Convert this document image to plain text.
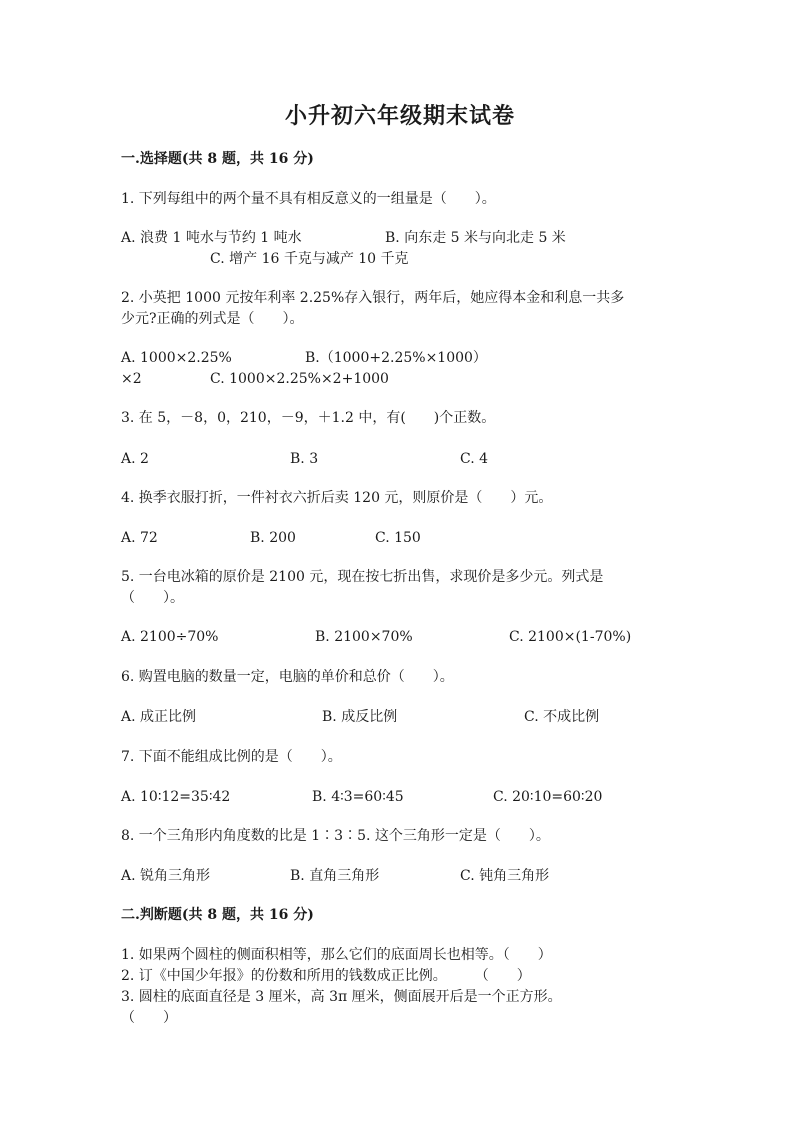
小升初六年级期末试卷
一.选择题(共 8 题，共 16 分)
1. 下列每组中的两个量不具有相反意义的一组量是（　　）。
A. 浪费 1 吨水与节约 1 吨水	B. 向东走 5 米与向北走 5 米
C. 增产 16 千克与减产 10 千克
2. 小英把 1000 元按年利率 2.25%存入银行，两年后，她应得本金和利息一共多
少元?正确的列式是（　　）。
A. 1000×2.25%	B.（1000+2.25%×1000）
×2	C. 1000×2.25%×2+1000
3. 在 5，－8，0，210，－9，＋1.2 中，有(　　)个正数。
A. 2	B. 3	C. 4
4. 换季衣服打折，一件衬衣六折后卖 120 元，则原价是（　　）元。
A. 72	B. 200	C. 150
5. 一台电冰箱的原价是 2100 元，现在按七折出售，求现价是多少元。列式是
（　　）。
A. 2100÷70%	B. 2100×70%	C. 2100×(1-70%)
6. 购置电脑的数量一定，电脑的单价和总价（　　）。
A. 成正比例	B. 成反比例	C. 不成比例
7. 下面不能组成比例的是（　　）。
A. 10∶12=35∶42	B. 4∶3=60∶45	C. 20∶10=60∶20
8. 一个三角形内角度数的比是 1∶3∶5. 这个三角形一定是（　　）。
A. 锐角三角形	B. 直角三角形	C. 钝角三角形
二.判断题(共 8 题，共 16 分)
1. 如果两个圆柱的侧面积相等，那么它们的底面周长也相等。（　　）
2. 订《中国少年报》的份数和所用的钱数成正比例。　　　（　　）
3. 圆柱的底面直径是 3 厘米，高 3π 厘米，侧面展开后是一个正方形。
（　　）
